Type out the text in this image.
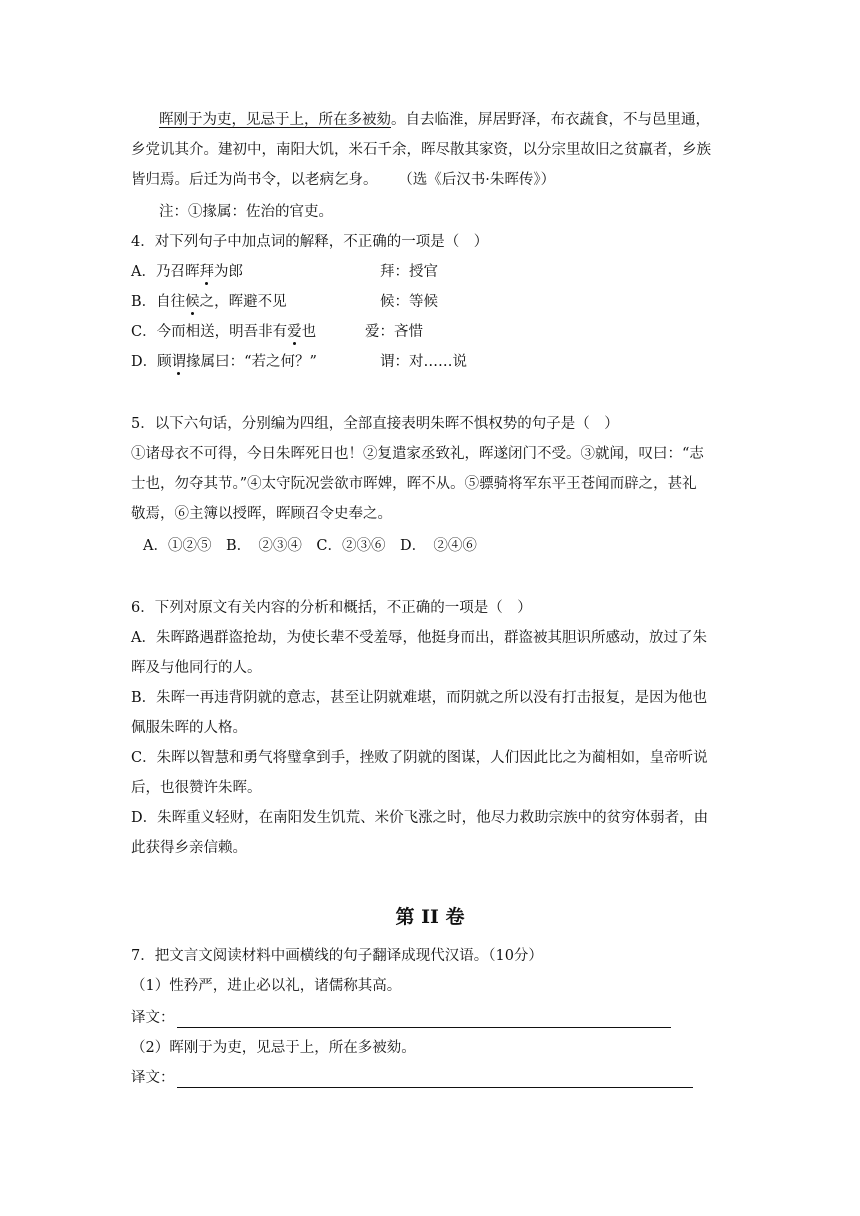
晖刚于为吏，见忌于上，所在多被劾。自去临淮，屏居野泽，布衣蔬食，不与邑里通，
乡党讥其介。建初中，南阳大饥，米石千余，晖尽散其家资，以分宗里故旧之贫羸者，乡族
皆归焉。后迁为尚书令，以老病乞身。 （选《后汉书·朱晖传》）
注：①掾属：佐治的官吏。
4．对下列句子中加点词的解释，不正确的一项是（　）
A．乃召晖拜为郎	拜：授官
B．自往候之，晖避不见	候：等候
C．今而相送，明吾非有爱也	爱：吝惜
D．顾谓掾属曰：“若之何？”	谓：对……说
5．以下六句话，分别编为四组，全部直接表明朱晖不惧权势的句子是（　）
①诸母衣不可得，今日朱晖死日也！②复遣家丞致礼，晖遂闭门不受。③就闻，叹曰：“志
士也，勿夺其节。”④太守阮况尝欲市晖婢，晖不从。⑤骠骑将军东平王苍闻而辟之，甚礼
敬焉，⑥主簿以授晖，晖顾召令史奉之。
A．①②⑤　B．　②③④　C．②③⑥　D．　②④⑥
6．下列对原文有关内容的分析和概括，不正确的一项是（　）
A．朱晖路遇群盗抢劫，为使长辈不受羞辱，他挺身而出，群盗被其胆识所感动，放过了朱
晖及与他同行的人。
B．朱晖一再违背阴就的意志，甚至让阴就难堪，而阴就之所以没有打击报复，是因为他也
佩服朱晖的人格。
C．朱晖以智慧和勇气将璧拿到手，挫败了阴就的图谋，人们因此比之为蔺相如，皇帝听说
后，也很赞许朱晖。
D．朱晖重义轻财，在南阳发生饥荒、米价飞涨之时，他尽力救助宗族中的贫穷体弱者，由
此获得乡亲信赖。
第 II 卷
7．把文言文阅读材料中画横线的句子翻译成现代汉语。（10分）
（1）性矜严，进止必以礼，诸儒称其高。
译文：
（2）晖刚于为吏，见忌于上，所在多被劾。
译文：
